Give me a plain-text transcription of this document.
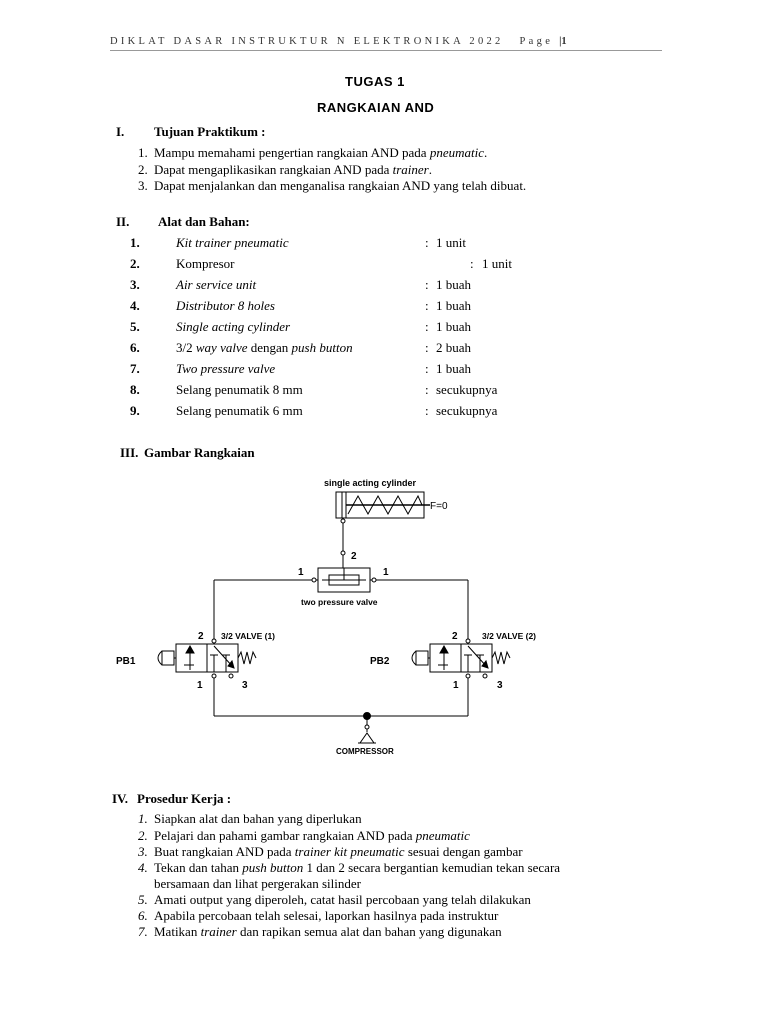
DIKLAT DASAR INSTRUKTUR N ELEKTRONIKA 2022 Page |1
TUGAS 1
RANGKAIAN AND
I. Tujuan Praktikum :
1. Mampu memahami pengertian rangkaian AND pada pneumatic.
2. Dapat mengaplikasikan rangkaian AND pada trainer.
3. Dapat menjalankan dan menganalisa rangkaian AND yang telah dibuat.
II. Alat dan Bahan:
1.	Kit trainer pneumatic	: 1 unit
2.	Kompresor	: 1 unit
3.	Air service unit	: 1 buah
4.	Distributor 8 holes	: 1 buah
5.	Single acting cylinder	: 1 buah
6.	3/2 way valve dengan push button	: 2 buah
7.	Two pressure valve	: 1 buah
8.	Selang penumatik 8 mm	: secukupnya
9.	Selang penumatik 6 mm	: secukupnya
III. Gambar Rangkaian
single acting cylinder
F=0
2
1	1
two pressure valve
2 3/2 VALVE (1)
1	3
PB1
2	3/2 VALVE (2)
1	3
PB2
COMPRESSOR
IV. Prosedur Kerja :
1. Siapkan alat dan bahan yang diperlukan
2. Pelajari dan pahami gambar rangkaian AND pada pneumatic
3. Buat rangkaian AND pada trainer kit pneumatic sesuai dengan gambar
4. Tekan dan tahan push button 1 dan 2 secara bergantian kemudian tekan secara
bersamaan dan lihat pergerakan silinder
5. Amati output yang diperoleh, catat hasil percobaan yang telah dilakukan
6. Apabila percobaan telah selesai, laporkan hasilnya pada instruktur
7. Matikan trainer dan rapikan semua alat dan bahan yang digunakan
